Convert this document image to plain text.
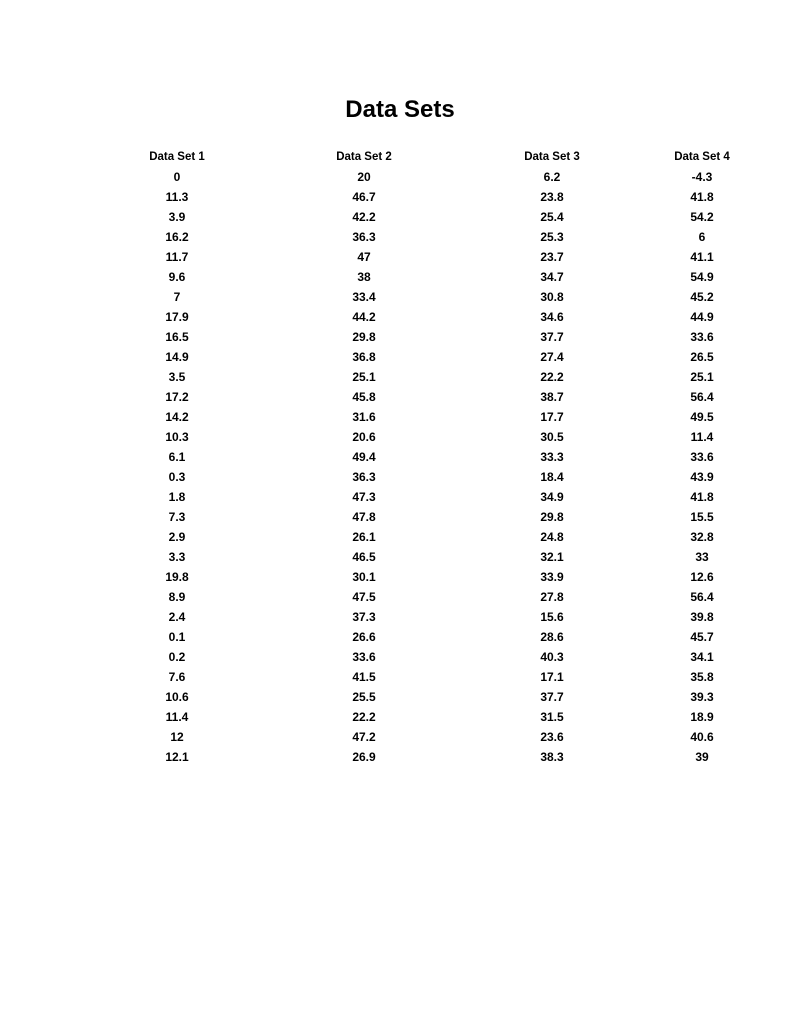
Data Sets
Data Set 1	Data Set 2	Data Set 3	Data Set 4
0	20	6.2	-4.3
11.3	46.7	23.8	41.8
3.9	42.2	25.4	54.2
16.2	36.3	25.3	6
11.7	47	23.7	41.1
9.6	38	34.7	54.9
7	33.4	30.8	45.2
17.9	44.2	34.6	44.9
16.5	29.8	37.7	33.6
14.9	36.8	27.4	26.5
3.5	25.1	22.2	25.1
17.2	45.8	38.7	56.4
14.2	31.6	17.7	49.5
10.3	20.6	30.5	11.4
6.1	49.4	33.3	33.6
0.3	36.3	18.4	43.9
1.8	47.3	34.9	41.8
7.3	47.8	29.8	15.5
2.9	26.1	24.8	32.8
3.3	46.5	32.1	33
19.8	30.1	33.9	12.6
8.9	47.5	27.8	56.4
2.4	37.3	15.6	39.8
0.1	26.6	28.6	45.7
0.2	33.6	40.3	34.1
7.6	41.5	17.1	35.8
10.6	25.5	37.7	39.3
11.4	22.2	31.5	18.9
12	47.2	23.6	40.6
12.1	26.9	38.3	39
